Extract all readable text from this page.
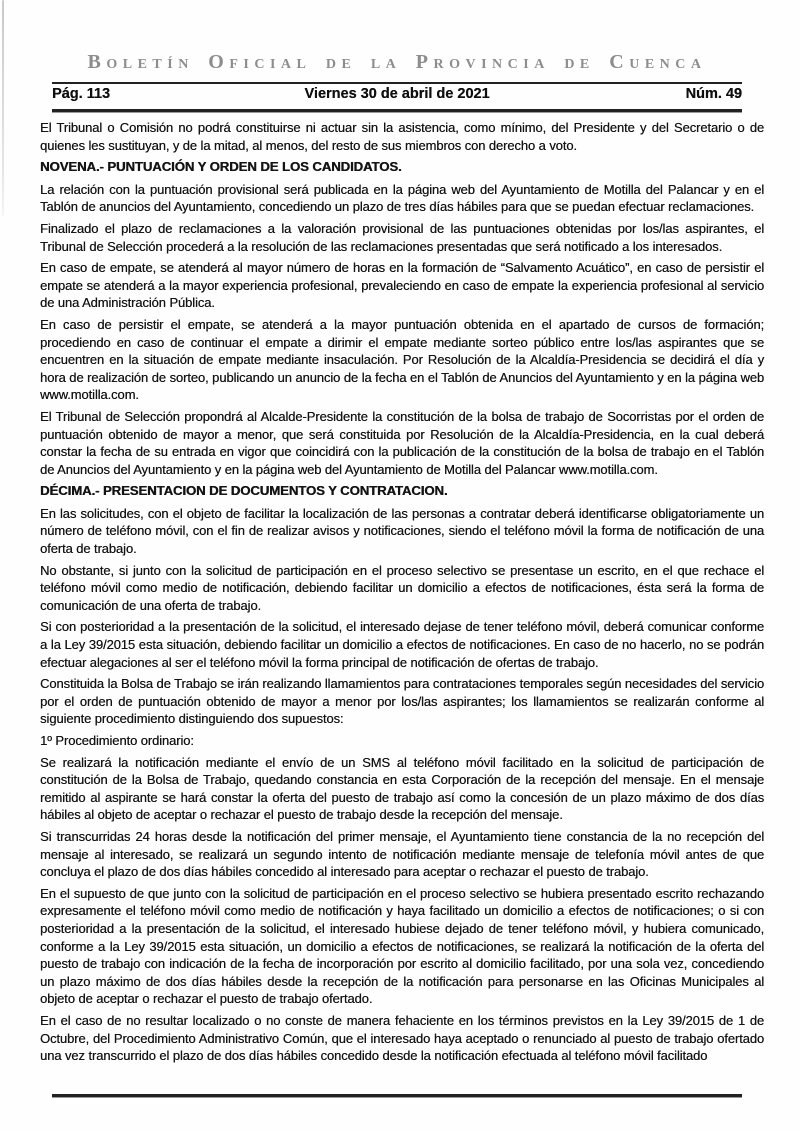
Boletín Oficial de la Provincia de Cuenca
Pág. 113	Viernes 30 de abril de 2021	Núm. 49

El Tribunal o Comisión no podrá constituirse ni actuar sin la asistencia, como mínimo, del Presidente y del Secretario o de quienes les sustituyan, y de la mitad, al menos, del resto de sus miembros con derecho a voto.

NOVENA.- PUNTUACIÓN Y ORDEN DE LOS CANDIDATOS.

La relación con la puntuación provisional será publicada en la página web del Ayuntamiento de Motilla del Palancar y en el Tablón de anuncios del Ayuntamiento, concediendo un plazo de tres días hábiles para que se puedan efectuar reclamaciones.

Finalizado el plazo de reclamaciones a la valoración provisional de las puntuaciones obtenidas por los/las aspirantes, el Tribunal de Selección procederá a la resolución de las reclamaciones presentadas que será notificado a los interesados.

En caso de empate, se atenderá al mayor número de horas en la formación de “Salvamento Acuático”, en caso de persistir el empate se atenderá a la mayor experiencia profesional, prevaleciendo en caso de empate la experiencia profesional al servicio de una Administración Pública.

En caso de persistir el empate, se atenderá a la mayor puntuación obtenida en el apartado de cursos de formación; procediendo en caso de continuar el empate a dirimir el empate mediante sorteo público entre los/las aspirantes que se encuentren en la situación de empate mediante insaculación. Por Resolución de la Alcaldía-Presidencia se decidirá el día y hora de realización de sorteo, publicando un anuncio de la fecha en el Tablón de Anuncios del Ayuntamiento y en la página web www.motilla.com.

El Tribunal de Selección propondrá al Alcalde-Presidente la constitución de la bolsa de trabajo de Socorristas por el orden de puntuación obtenido de mayor a menor, que será constituida por Resolución de la Alcaldía-Presidencia, en la cual deberá constar la fecha de su entrada en vigor que coincidirá con la publicación de la constitución de la bolsa de trabajo en el Tablón de Anuncios del Ayuntamiento y en la página web del Ayuntamiento de Motilla del Palancar www.motilla.com.

DÉCIMA.- PRESENTACION DE DOCUMENTOS Y CONTRATACION.

En las solicitudes, con el objeto de facilitar la localización de las personas a contratar deberá identificarse obligatoriamente un número de teléfono móvil, con el fin de realizar avisos y notificaciones, siendo el teléfono móvil la forma de notificación de una oferta de trabajo.

No obstante, si junto con la solicitud de participación en el proceso selectivo se presentase un escrito, en el que rechace el teléfono móvil como medio de notificación, debiendo facilitar un domicilio a efectos de notificaciones, ésta será la forma de comunicación de una oferta de trabajo.

Si con posterioridad a la presentación de la solicitud, el interesado dejase de tener teléfono móvil, deberá comunicar conforme a la Ley 39/2015 esta situación, debiendo facilitar un domicilio a efectos de notificaciones. En caso de no hacerlo, no se podrán efectuar alegaciones al ser el teléfono móvil la forma principal de notificación de ofertas de trabajo.

Constituida la Bolsa de Trabajo se irán realizando llamamientos para contrataciones temporales según necesidades del servicio por el orden de puntuación obtenido de mayor a menor por los/las aspirantes; los llamamientos se realizarán conforme al siguiente procedimiento distinguiendo dos supuestos:

1º Procedimiento ordinario:

Se realizará la notificación mediante el envío de un SMS al teléfono móvil facilitado en la solicitud de participación de constitución de la Bolsa de Trabajo, quedando constancia en esta Corporación de la recepción del mensaje. En el mensaje remitido al aspirante se hará constar la oferta del puesto de trabajo así como la concesión de un plazo máximo de dos días hábiles al objeto de aceptar o rechazar el puesto de trabajo desde la recepción del mensaje.

Si transcurridas 24 horas desde la notificación del primer mensaje, el Ayuntamiento tiene constancia de la no recepción del mensaje al interesado, se realizará un segundo intento de notificación mediante mensaje de telefonía móvil antes de que concluya el plazo de dos días hábiles concedido al interesado para aceptar o rechazar el puesto de trabajo.

En el supuesto de que junto con la solicitud de participación en el proceso selectivo se hubiera presentado escrito rechazando expresamente el teléfono móvil como medio de notificación y haya facilitado un domicilio a efectos de notificaciones; o si con posterioridad a la presentación de la solicitud, el interesado hubiese dejado de tener teléfono móvil, y hubiera comunicado, conforme a la Ley 39/2015 esta situación, un domicilio a efectos de notificaciones, se realizará la notificación de la oferta del puesto de trabajo con indicación de la fecha de incorporación por escrito al domicilio facilitado, por una sola vez, concediendo un plazo máximo de dos días hábiles desde la recepción de la notificación para personarse en las Oficinas Municipales al objeto de aceptar o rechazar el puesto de trabajo ofertado.

En el caso de no resultar localizado o no conste de manera fehaciente en los términos previstos en la Ley 39/2015 de 1 de Octubre, del Procedimiento Administrativo Común, que el interesado haya aceptado o renunciado al puesto de trabajo ofertado una vez transcurrido el plazo de dos días hábiles concedido desde la notificación efectuada al teléfono móvil facilitado
